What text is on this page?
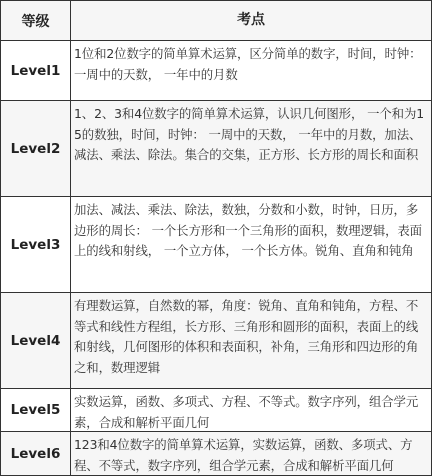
等级	考点
Level1
1位和2位数字的简单算术运算，区分简单的数字，时间，时钟： 一周中的天数， 一年中的月数
Level2
1、2、3和4位数字的简单算术运算，认识几何图形， 一个和为15的数独，时间，时钟： 一周中的天数， 一年中的月数，加法、减法、乘法、除法。集合的交集，正方形、长方形的周长和面积
Level3
加法、减法、乘法、除法，数独，分数和小数，时钟，日历，多边形的周长： 一个长方形和一个三角形的面积，数理逻辑，表面上的线和射线， 一个立方体， 一个长方体。锐角、直角和钝角
Level4
有理数运算，自然数的幂，角度：锐角、直角和钝角，方程、不等式和线性方程组，长方形、三角形和圆形的面积，表面上的线和射线，几何图形的体积和表面积，补角，三角形和四边形的角之和，数理逻辑
Level5
实数运算，函数、多项式、方程、不等式。数字序列，组合学元素，合成和解析平面几何
Level6
123和4位数字的简单算术运算，实数运算，函数、多项式、方程、不等式，数字序列，组合学元素，合成和解析平面几何
